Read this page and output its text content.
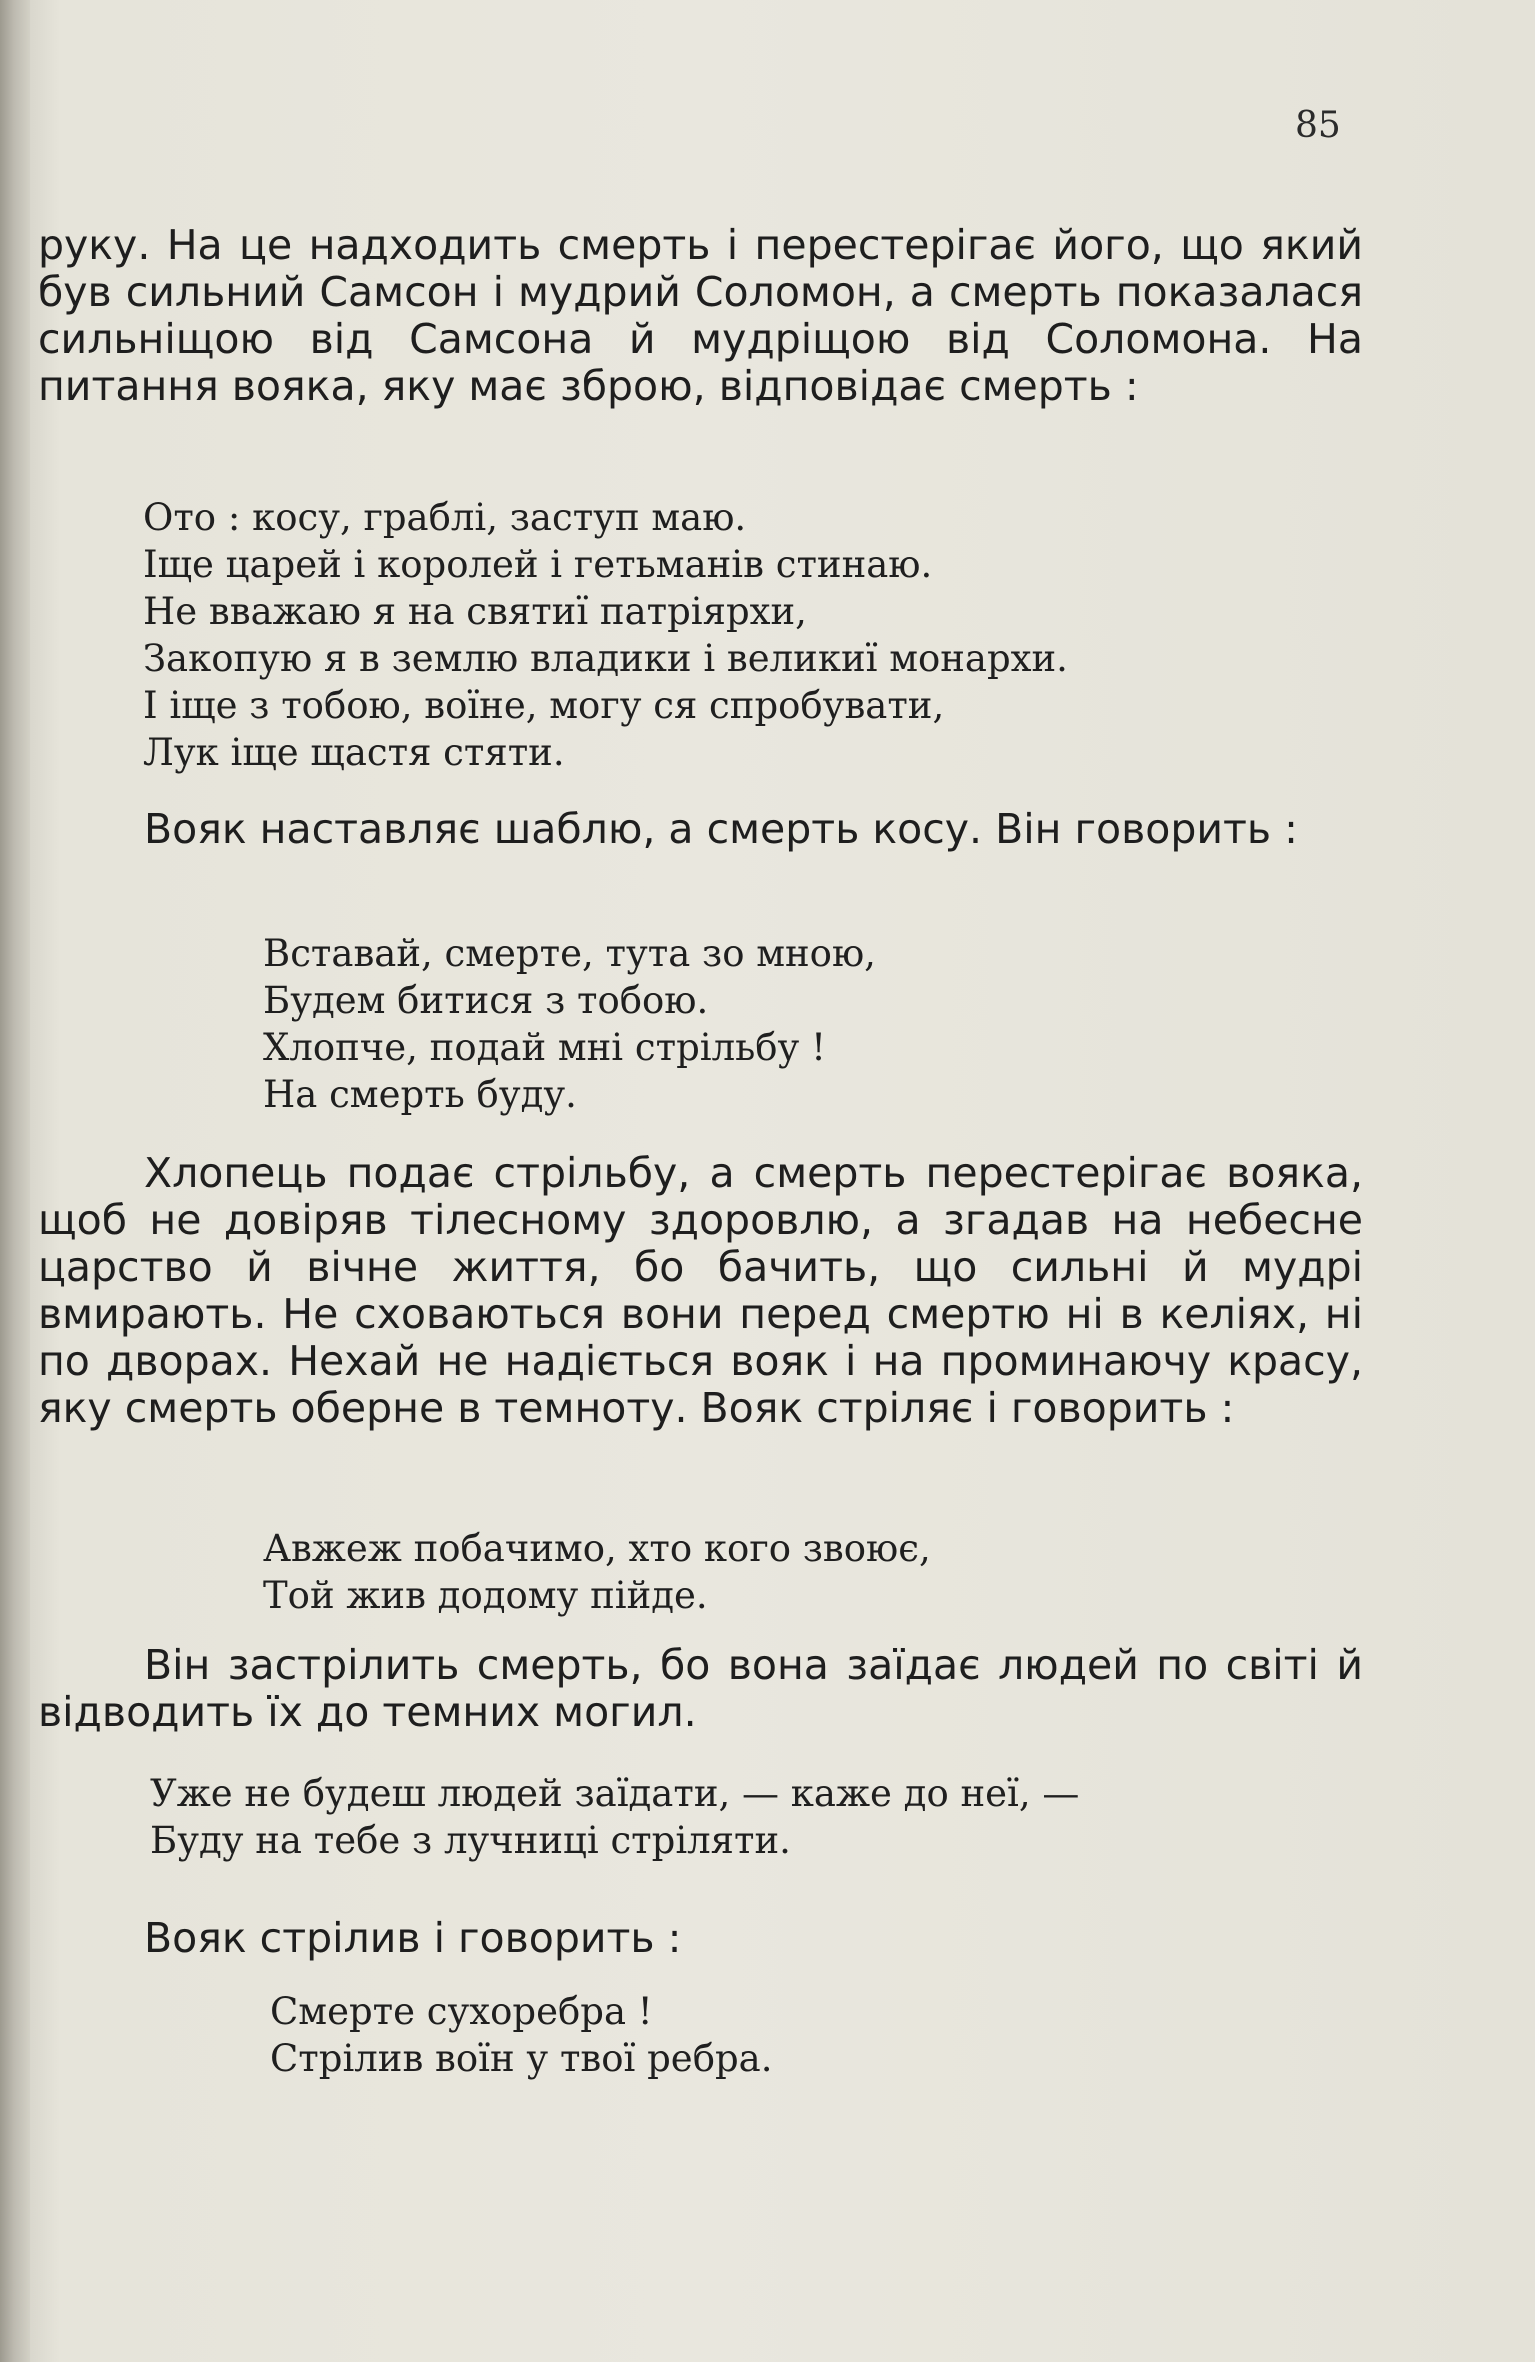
85

руку. На це надходить смерть і перестерігає його, що який був сильний Самсон і мудрий Соломон, а смерть показалася сильніщою від Самсона й мудріщою від Соломона. На питання вояка, яку має зброю, відповідає смерть :

Ото : косу, граблі, заступ маю.
Іще царей і королей і гетьманів стинаю.
Не вважаю я на святиї патріярхи,
Закопую я в землю владики і великиї монархи.
І іще з тобою, воїне, могу ся спробувати,
Лук іще щастя стяти.

Вояк наставляє шаблю, а смерть косу. Він говорить :

Вставай, смерте, тута зо мною,
Будем битися з тобою.
Хлопче, подай мні стрільбу !
На смерть буду.

Хлопець подає стрільбу, а смерть перестерігає вояка, щоб не довіряв тілесному здоровлю, а згадав на небесне царство й вічне життя, бо бачить, що сильні й мудрі вмирають. Не сховаються вони перед смертю ні в келіях, ні по дворах. Нехай не надіється вояк і на проминаючу красу, яку смерть оберне в темноту. Вояк стріляє і говорить :

Авжеж побачимо, хто кого звоює,
Той жив додому пійде.

Він застрілить смерть, бо вона заїдає людей по світі й відводить їх до темних могил.

Уже не будеш людей заїдати, — каже до неї, —
Буду на тебе з лучниці стріляти.

Вояк стрілив і говорить :

Смерте сухоребра !
Стрілив воїн у твої ребра.
